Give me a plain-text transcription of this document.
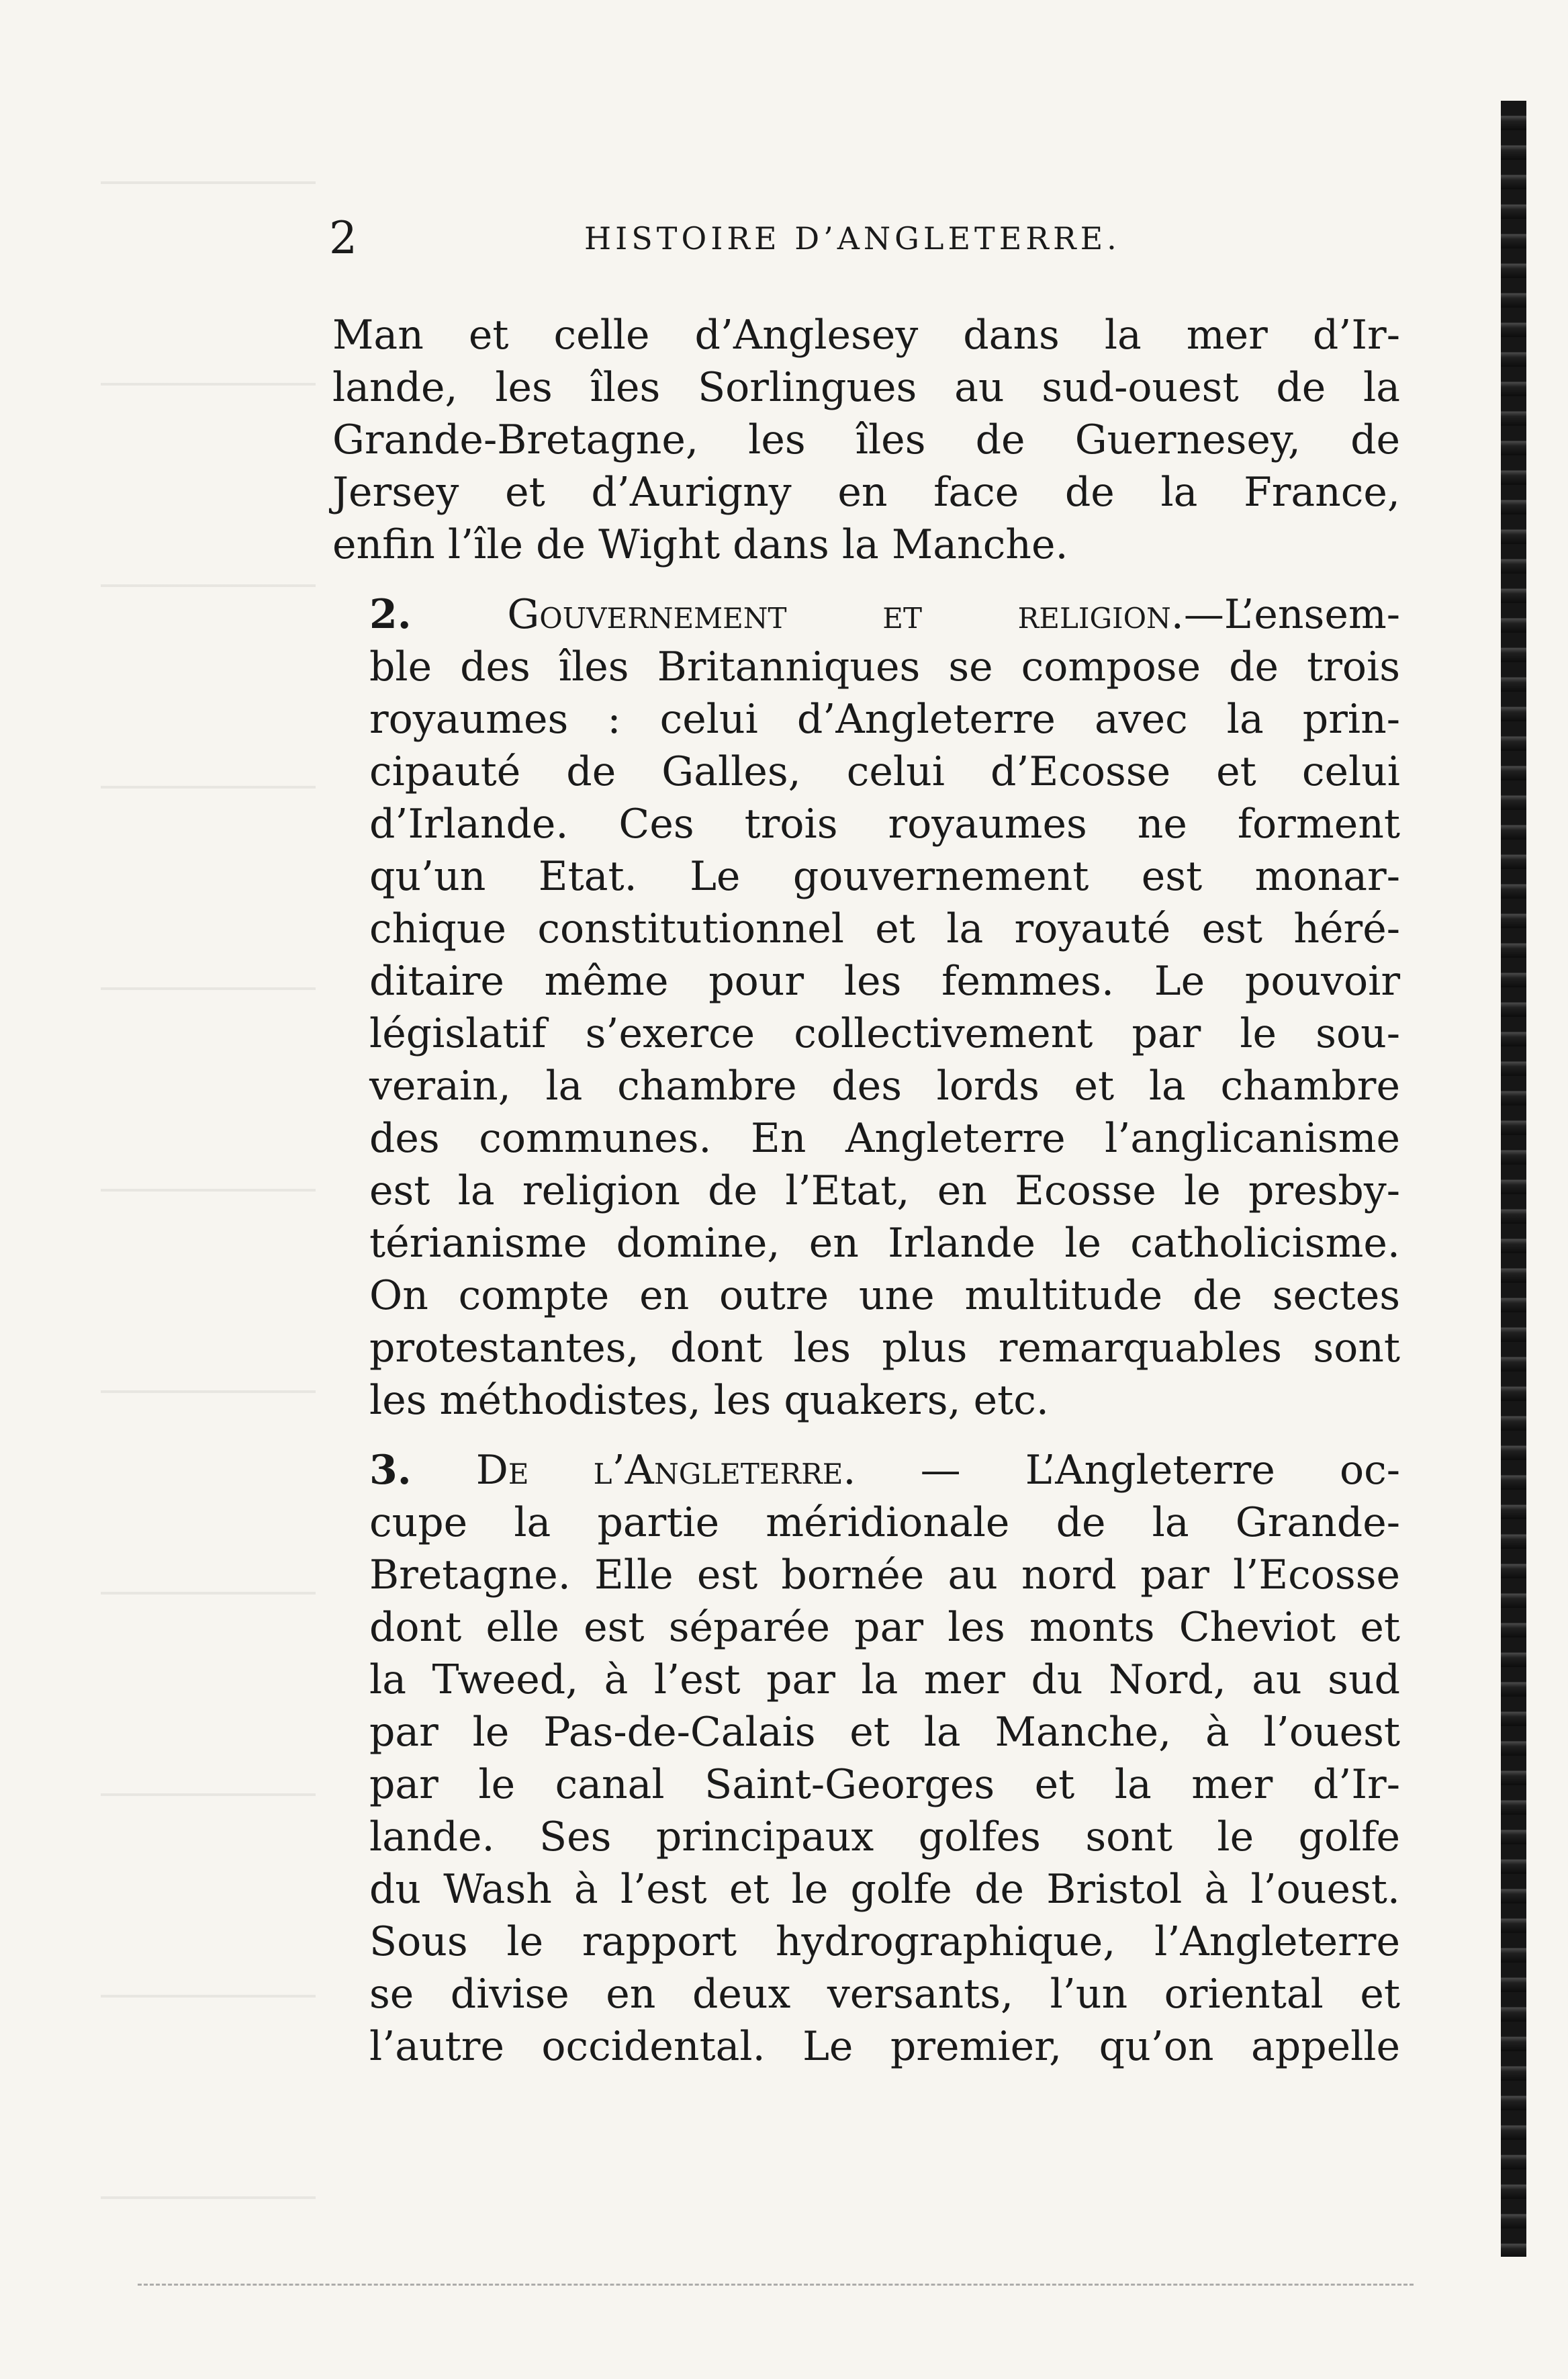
2	HISTOIRE D’ANGLETERRE.

Man et celle d’Anglesey dans la mer d’Ir-
lande, les îles Sorlingues au sud-ouest de la
Grande-Bretagne, les îles de Guernesey, de
Jersey et d’Aurigny en face de la France,
enfin l’île de Wight dans la Manche.

2. Gouvernement et religion.—L’ensem-
ble des îles Britanniques se compose de trois
royaumes : celui d’Angleterre avec la prin-
cipauté de Galles, celui d’Ecosse et celui
d’Irlande. Ces trois royaumes ne forment
qu’un Etat. Le gouvernement est monar-
chique constitutionnel et la royauté est héré-
ditaire même pour les femmes. Le pouvoir
législatif s’exerce collectivement par le sou-
verain, la chambre des lords et la chambre
des communes. En Angleterre l’anglicanisme
est la religion de l’Etat, en Ecosse le presby-
térianisme domine, en Irlande le catholicisme.
On compte en outre une multitude de sectes
protestantes, dont les plus remarquables sont
les méthodistes, les quakers, etc.

3. De l’Angleterre. — L’Angleterre oc-
cupe la partie méridionale de la Grande-
Bretagne. Elle est bornée au nord par l’Ecosse
dont elle est séparée par les monts Cheviot et
la Tweed, à l’est par la mer du Nord, au sud
par le Pas-de-Calais et la Manche, à l’ouest
par le canal Saint-Georges et la mer d’Ir-
lande. Ses principaux golfes sont le golfe
du Wash à l’est et le golfe de Bristol à l’ouest.
Sous le rapport hydrographique, l’Angleterre
se divise en deux versants, l’un oriental et
l’autre occidental. Le premier, qu’on appelle
